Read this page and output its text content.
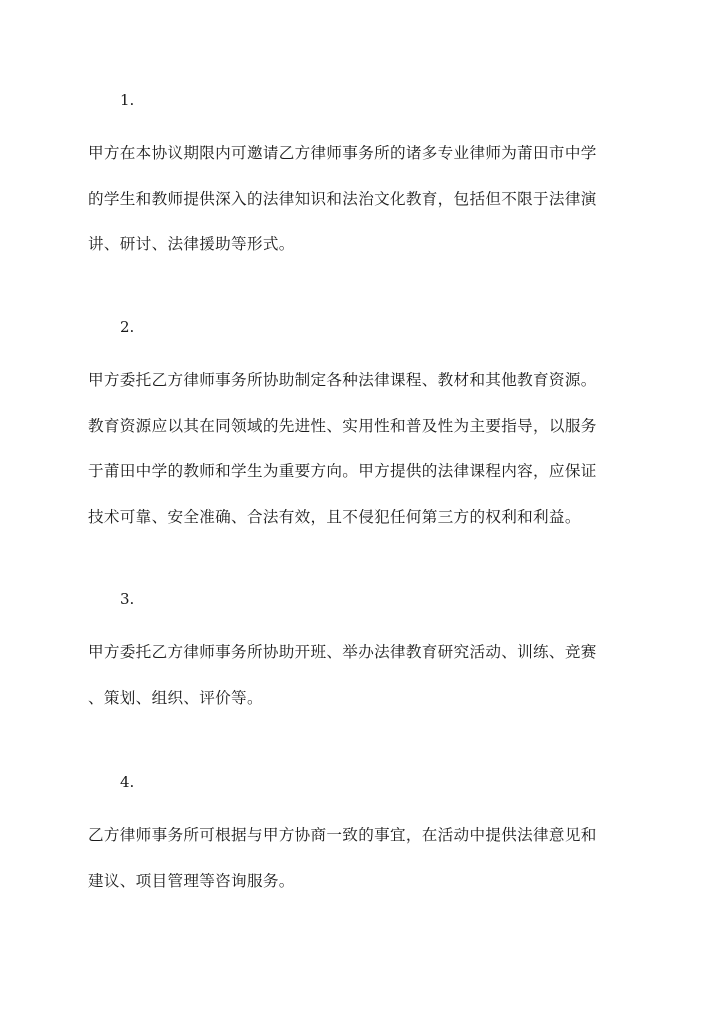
1.
甲方在本协议期限内可邀请乙方律师事务所的诸多专业律师为莆田市中学
的学生和教师提供深入的法律知识和法治文化教育，包括但不限于法律演
讲、研讨、法律援助等形式。
2.
甲方委托乙方律师事务所协助制定各种法律课程、教材和其他教育资源。
教育资源应以其在同领域的先进性、实用性和普及性为主要指导，以服务
于莆田中学的教师和学生为重要方向。甲方提供的法律课程内容，应保证
技术可靠、安全准确、合法有效，且不侵犯任何第三方的权利和利益。
3.
甲方委托乙方律师事务所协助开班、举办法律教育研究活动、训练、竞赛
、策划、组织、评价等。
4.
乙方律师事务所可根据与甲方协商一致的事宜，在活动中提供法律意见和
建议、项目管理等咨询服务。
